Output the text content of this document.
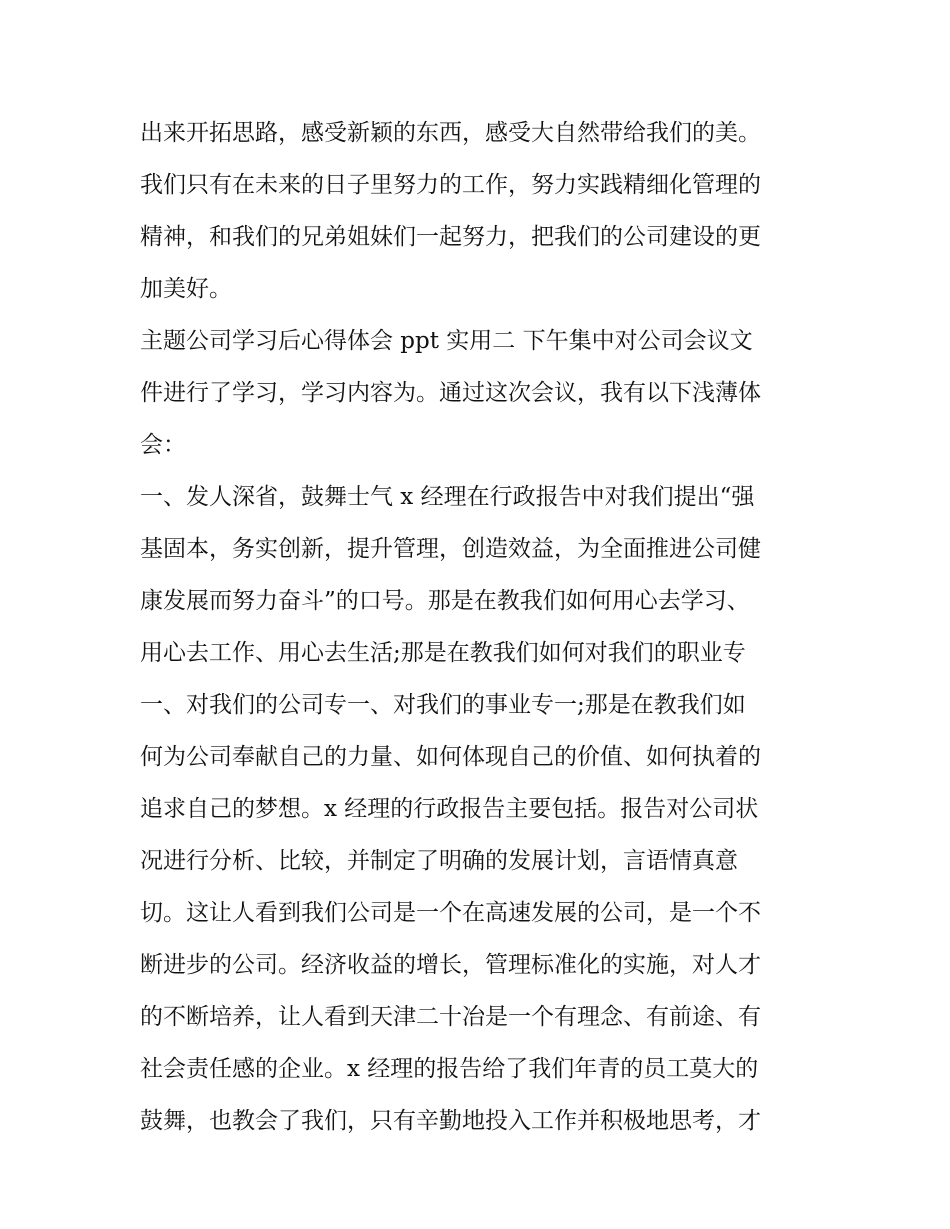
出来开拓思路，感受新颖的东西，感受大自然带给我们的美。
我们只有在未来的日子里努力的工作，努力实践精细化管理的
精神，和我们的兄弟姐妹们一起努力，把我们的公司建设的更
加美好。
主题公司学习后心得体会 ppt 实用二 下午集中对公司会议文
件进行了学习，学习内容为。通过这次会议，我有以下浅薄体
会：
一、发人深省，鼓舞士气 x 经理在行政报告中对我们提出“强
基固本，务实创新，提升管理，创造效益，为全面推进公司健
康发展而努力奋斗”的口号。那是在教我们如何用心去学习、
用心去工作、用心去生活;那是在教我们如何对我们的职业专
一、对我们的公司专一、对我们的事业专一;那是在教我们如
何为公司奉献自己的力量、如何体现自己的价值、如何执着的
追求自己的梦想。x 经理的行政报告主要包括。报告对公司状
况进行分析、比较，并制定了明确的发展计划，言语情真意
切。这让人看到我们公司是一个在高速发展的公司，是一个不
断进步的公司。经济收益的增长，管理标准化的实施，对人才
的不断培养，让人看到天津二十冶是一个有理念、有前途、有
社会责任感的企业。x 经理的报告给了我们年青的员工莫大的
鼓舞，也教会了我们，只有辛勤地投入工作并积极地思考，才
